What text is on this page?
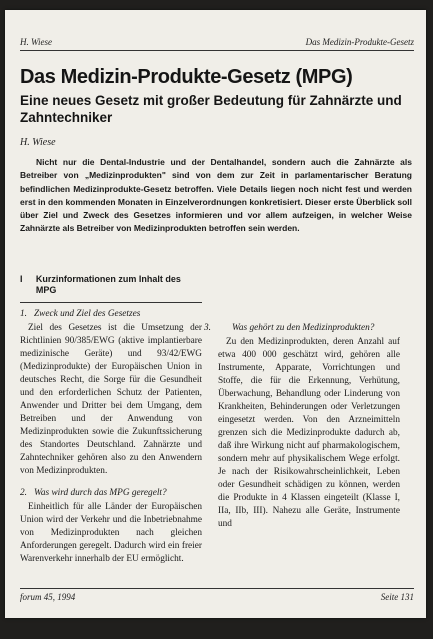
H. Wiese	Das Medizin-Produkte-Gesetz
Das Medizin-Produkte-Gesetz (MPG)
Eine neues Gesetz mit großer Bedeutung für Zahnärzte und Zahntechniker
H. Wiese
Nicht nur die Dental-Industrie und der Dentalhandel, sondern auch die Zahnärzte als Betreiber von „Medizinprodukten" sind von dem zur Zeit in parlamentarischer Beratung befindlichen Medizinprodukte-Gesetz betroffen. Viele Details liegen noch nicht fest und werden erst in den kommenden Monaten in Einzelverordnungen konkretisiert. Dieser erste Überblick soll über Ziel und Zweck des Gesetzes informieren und vor allem aufzeigen, in welcher Weise Zahnärzte als Betreiber von Medizinprodukten betroffen sein werden.
I	Kurzinformationen zum Inhalt des MPG
1. Zweck und Ziel des Gesetzes

Ziel des Gesetzes ist die Umsetzung der Richtlinien 90/385/EWG (aktive implantierbare medizinische Geräte) und 93/42/EWG (Medizinprodukte) der Europäischen Union in deutsches Recht, die Sorge für die Gesundheit und den erforderlichen Schutz der Patienten, Anwender und Dritter bei dem Umgang, dem Betreiben und der Anwendung von Medizinprodukten sowie die Zukunftssicherung des Standortes Deutschland. Zahnärzte und Zahntechniker gehören also zu den Anwendern von Medizinprodukten.

2. Was wird durch das MPG geregelt?

Einheitlich für alle Länder der Europäischen Union wird der Verkehr und die Inbetriebnahme von Medizinprodukten nach gleichen Anforderungen geregelt. Dadurch wird ein freier Warenverkehr innerhalb der EU ermöglicht.

3. Was gehört zu den Medizinprodukten?

Zu den Medizinprodukten, deren Anzahl auf etwa 400 000 geschätzt wird, gehören alle Instrumente, Apparate, Vorrichtungen und Stoffe, die für die Erkennung, Verhütung, Überwachung, Behandlung oder Linderung von Krankheiten, Behinderungen oder Verletzungen eingesetzt werden. Von den Arzneimitteln grenzen sich die Medizinprodukte dadurch ab, daß ihre Wirkung nicht auf pharmakologischem, sondern mehr auf physikalischem Wege erfolgt. Je nach der Risikowahrscheinlichkeit, Leben oder Gesundheit schädigen zu können, werden die Produkte in 4 Klassen eingeteilt (Klasse I, IIa, IIb, III). Nahezu alle Geräte, Instrumente und

forum 45, 1994	Seite 131
